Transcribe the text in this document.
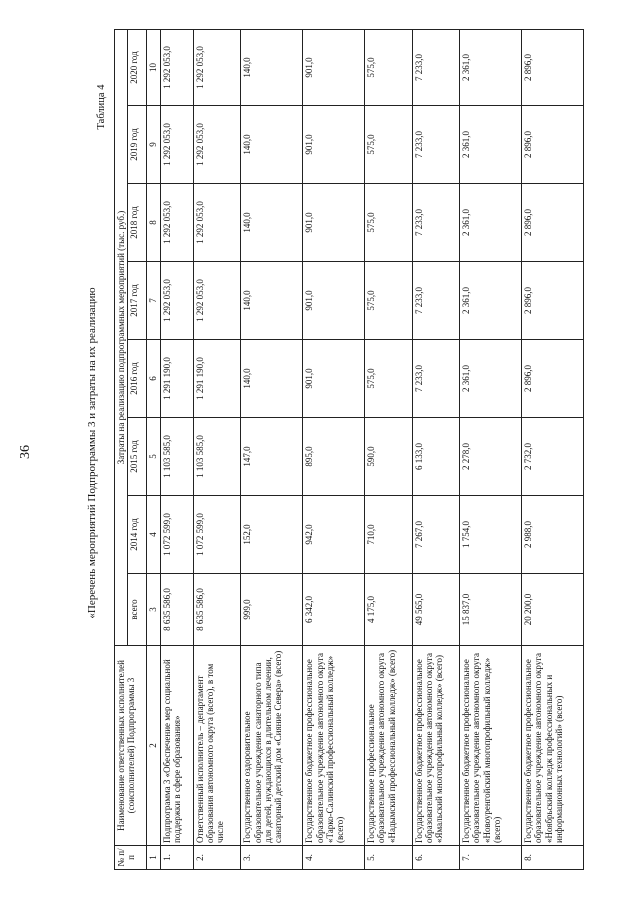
36	«Перечень мероприятий Подпрограммы 3 и затраты на их реализацию
Таблица 4
№ п/п	Наименование ответственных исполнителей (соисполнителей) Подпрограммы 3	Затраты на реализацию подпрограммных мероприятий (тыс. руб.)							
		всего	2014 год	2015 год	2016 год	2017 год	2018 год	2019 год	2020 год
1	2	3	4	5	6	7	8	9	10
1.	Подпрограмма 3 «Обеспечение мер социальной поддержки в сфере образования»	8 635 586,0	1 072 599,0	1 103 585,0	1 291 190,0	1 292 053,0	1 292 053,0	1 292 053,0	1 292 053,0
2.	Ответственный исполнитель – департамент образования автономного округа (всего), в том числе	8 635 586,0	1 072 599,0	1 103 585,0	1 291 190,0	1 292 053,0	1 292 053,0	1 292 053,0	1 292 053,0
3.	Государственное оздоровительное образовательное учреждение санаторного типа для детей, нуждающихся в длительном лечении, санаторный детский дом «Сияние Севера» (всего)	999,0	152,0	147,0	140,0	140,0	140,0	140,0	140,0
4.	Государственное бюджетное профессиональное образовательное учреждение автономного округа «Тарко-Салинский профессиональный колледж» (всего)	6 342,0	942,0	895,0	901,0	901,0	901,0	901,0	901,0
5.	Государственное профессиональное образовательное учреждение автономного округа «Надымский профессиональный колледж» (всего)	4 175,0	710,0	590,0	575,0	575,0	575,0	575,0	575,0
6.	Государственное бюджетное профессиональное образовательное учреждение автономного округа «Ямальский многопрофильный колледж» (всего)	49 565,0	7 267,0	6 133,0	7 233,0	7 233,0	7 233,0	7 233,0	7 233,0
7.	Государственное бюджетное профессиональное образовательное учреждение автономного округа «Новоуренгойский многопрофильный колледж» (всего)	15 837,0	1 754,0	2 278,0	2 361,0	2 361,0	2 361,0	2 361,0	2 361,0
8.	Государственное бюджетное профессиональное образовательное учреждение автономного округа «Ноябрьский колледж профессиональных и информационных технологий» (всего)	20 200,0	2 988,0	2 732,0	2 896,0	2 896,0	2 896,0	2 896,0	2 896,0
